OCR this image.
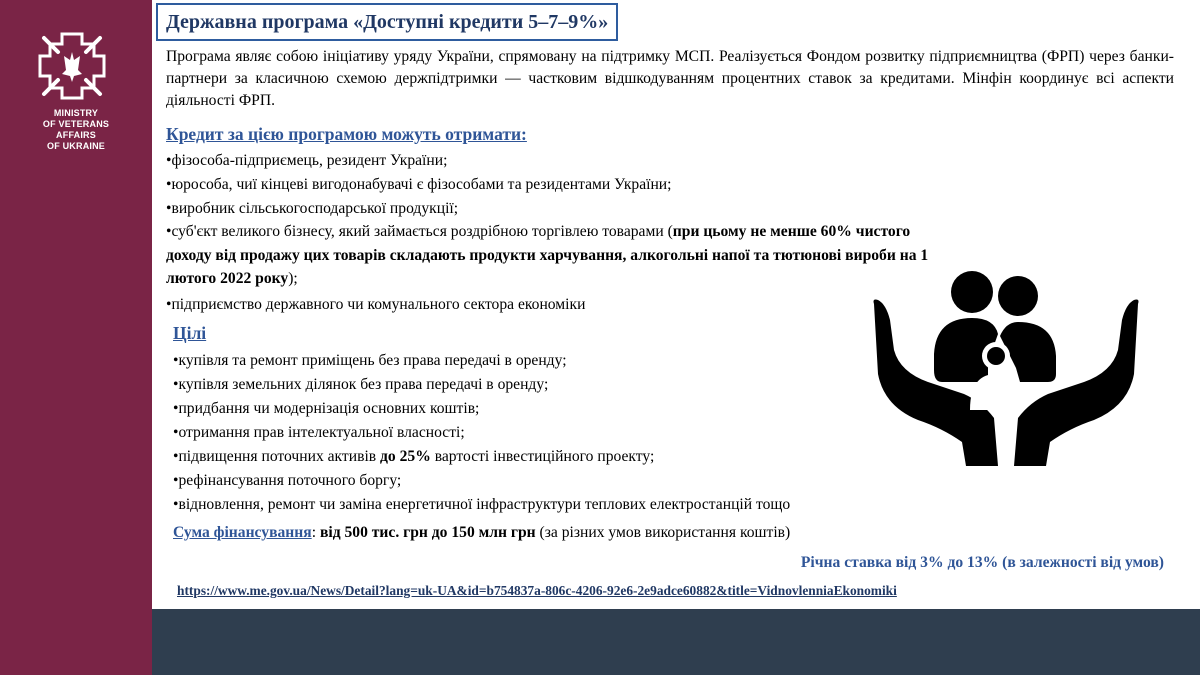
MINISTRY
OF VETERANS
AFFAIRS
OF UKRAINE
Державна програма «Доступні кредити 5–7–9%»

Програма являє собою ініціативу уряду України, спрямовану на підтримку МСП. Реалізується Фондом розвитку підприємництва (ФРП) через банки-партнери за класичною схемою держпідтримки — частковим відшкодуванням процентних ставок за кредитами. Мінфін координує всі аспекти діяльності ФРП.

Кредит за цією програмою можуть отримати:
•фізособа-підприємець, резидент України;
•юрособа, чиї кінцеві вигодонабувачі є фізособами та резидентами України;
•виробник сільськогосподарської продукції;
•суб'єкт великого бізнесу, який займається роздрібною торгівлею товарами (при цьому не менше 60% чистого
доходу від продажу цих товарів складають продукти харчування, алкогольні напої та тютюнові вироби на 1
лютого 2022 року);
•підприємство державного чи комунального сектора економіки
Цілі
•купівля та ремонт приміщень без права передачі в оренду;
•купівля земельних ділянок без права передачі в оренду;
•придбання чи модернізація основних коштів;
•отримання прав інтелектуальної власності;
•підвищення поточних активів до 25% вартості інвестиційного проекту;
•рефінансування поточного боргу;
•відновлення, ремонт чи заміна енергетичної інфраструктури теплових електростанцій тощо
Сума фінансування: від 500 тис. грн до 150 млн грн (за різних умов використання коштів)
Річна ставка від 3% до 13% (в залежності від умов)
https://www.me.gov.ua/News/Detail?lang=uk-UA&id=b754837a-806c-4206-92e6-2e9adce60882&title=VidnovlenniaEkonomiki
